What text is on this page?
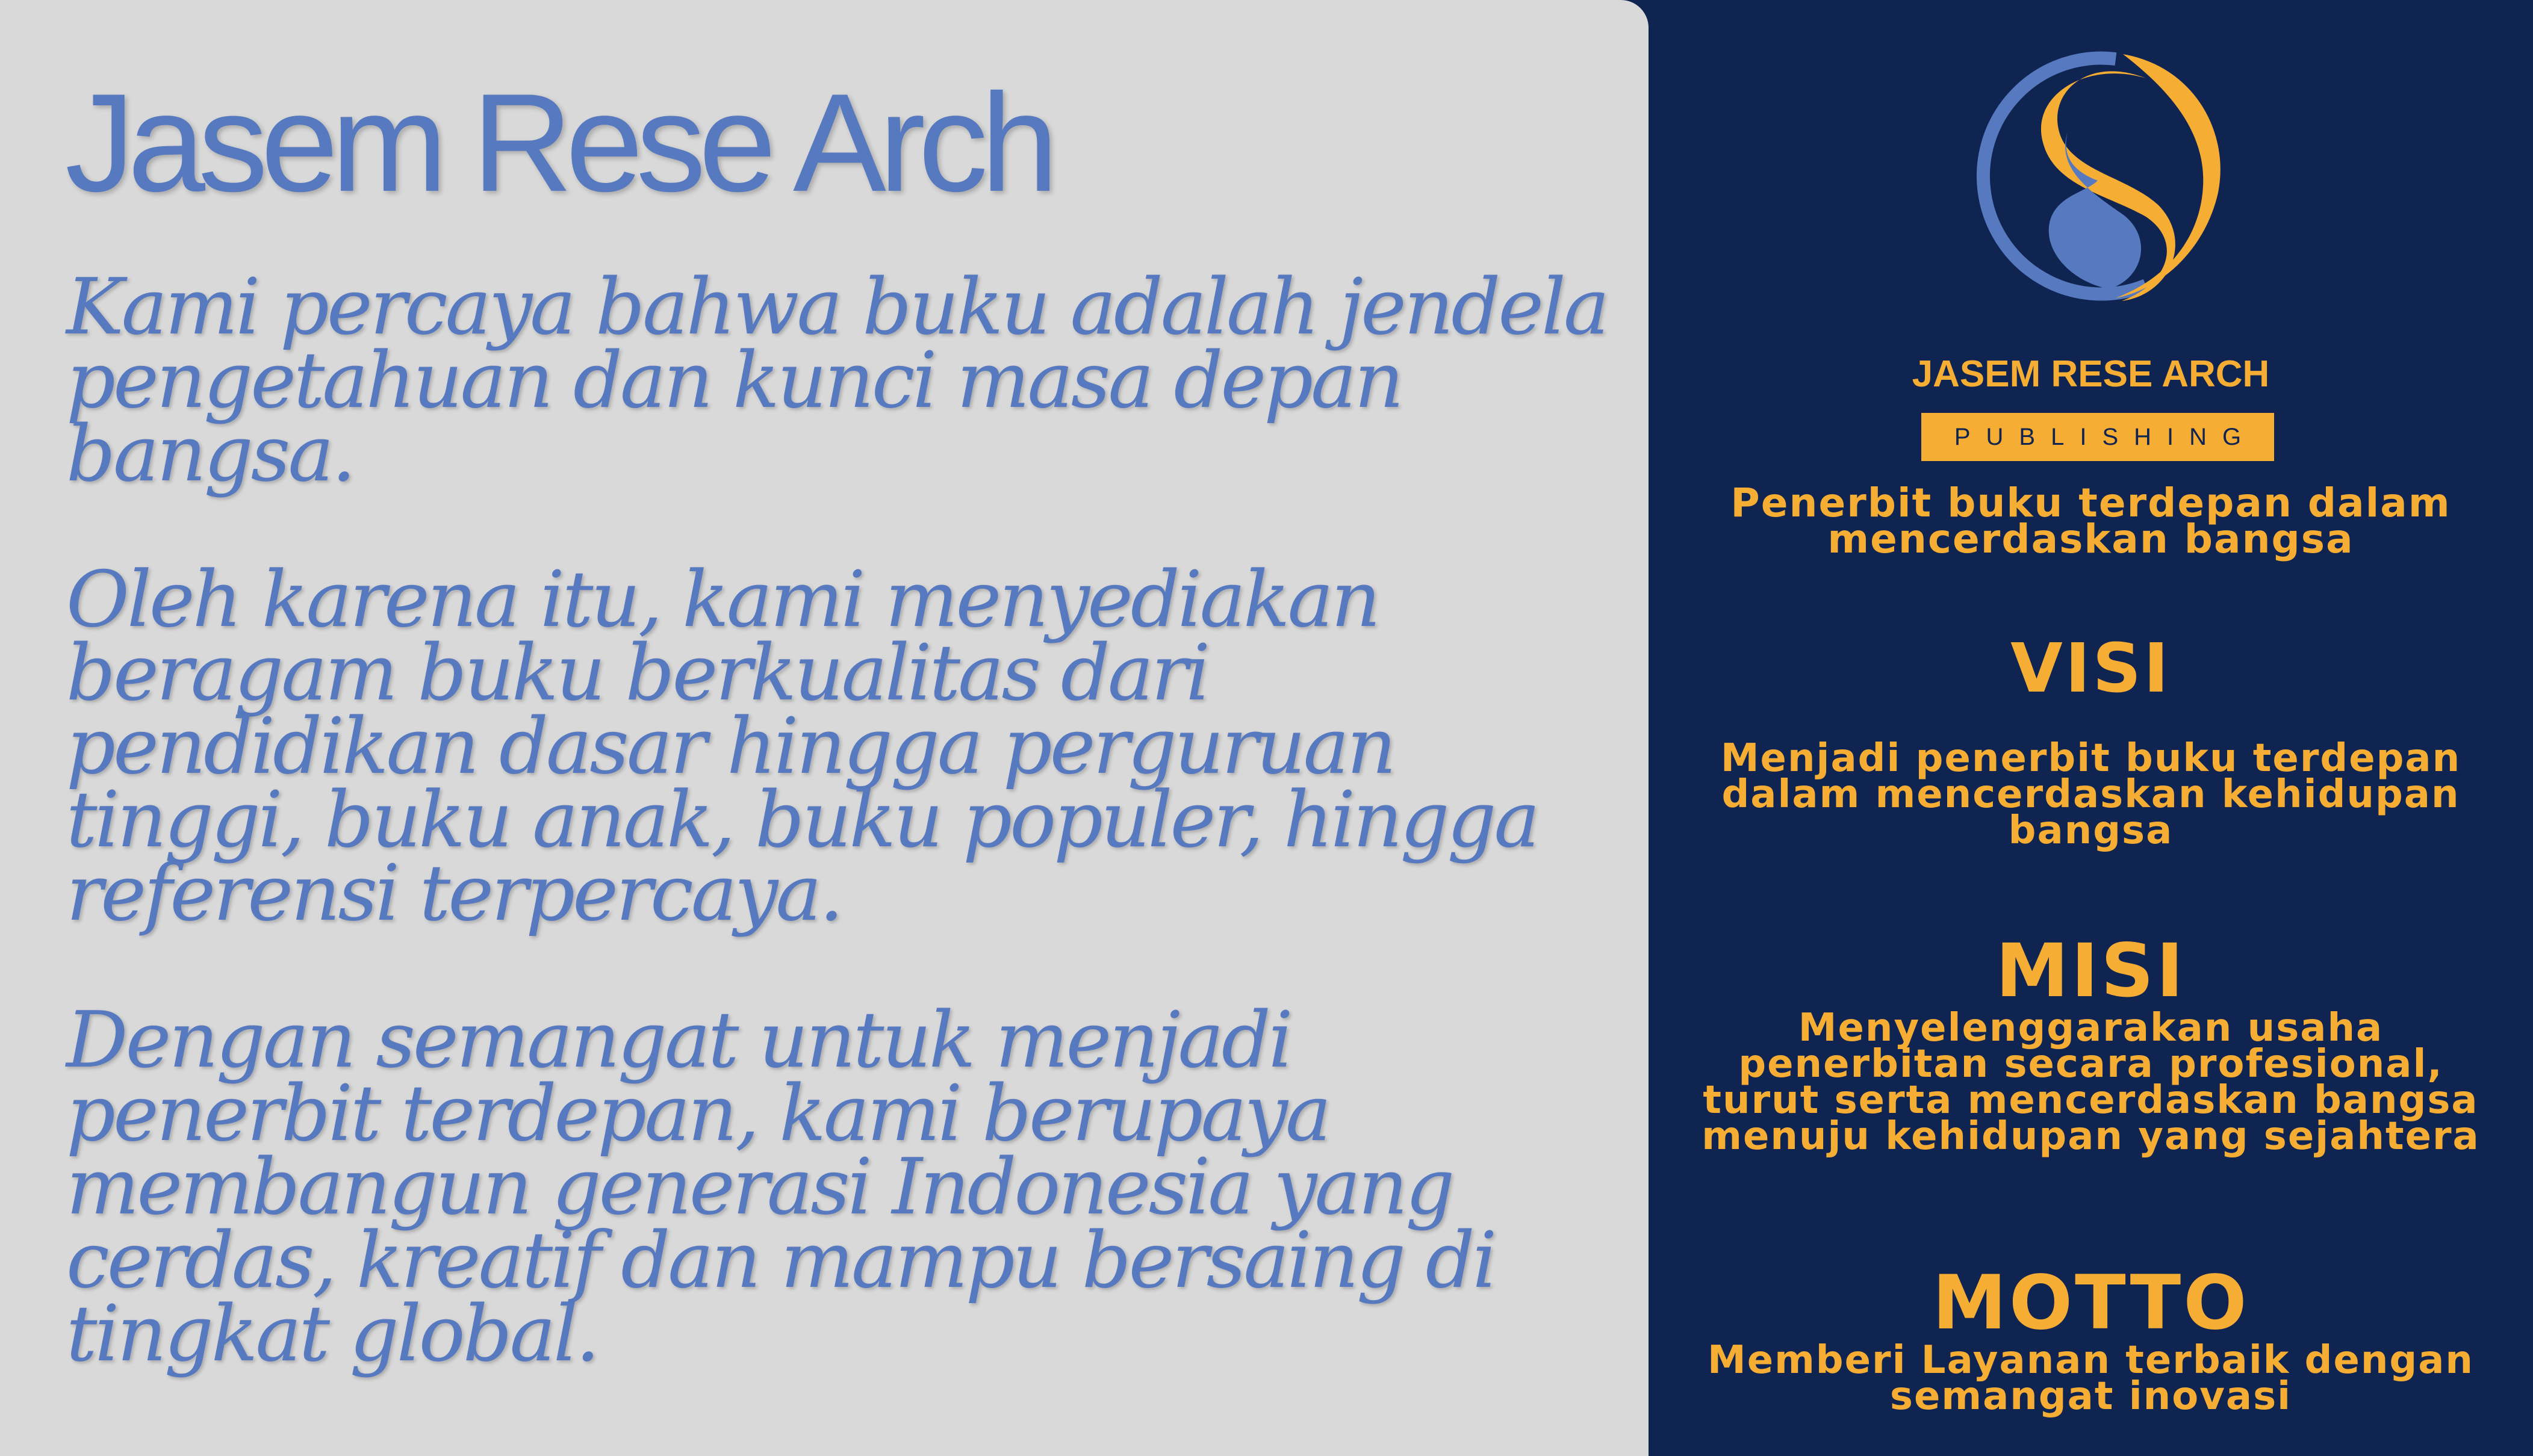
Jasem Rese Arch

Kami percaya bahwa buku adalah jendela pengetahuan dan kunci masa depan bangsa.

Oleh karena itu, kami menyediakan beragam buku berkualitas dari pendidikan dasar hingga perguruan tinggi, buku anak, buku populer, hingga referensi terpercaya.

Dengan semangat untuk menjadi penerbit terdepan, kami berupaya membangun generasi Indonesia yang cerdas, kreatif dan mampu bersaing di tingkat global.

JASEM RESE ARCH

PUBLISHING

Penerbit buku terdepan dalam mencerdaskan bangsa

VISI

Menjadi penerbit buku terdepan dalam mencerdaskan kehidupan bangsa

MISI

Menyelenggarakan usaha penerbitan secara profesional, turut serta mencerdaskan bangsa menuju kehidupan yang sejahtera

MOTTO

Memberi Layanan terbaik dengan semangat inovasi
